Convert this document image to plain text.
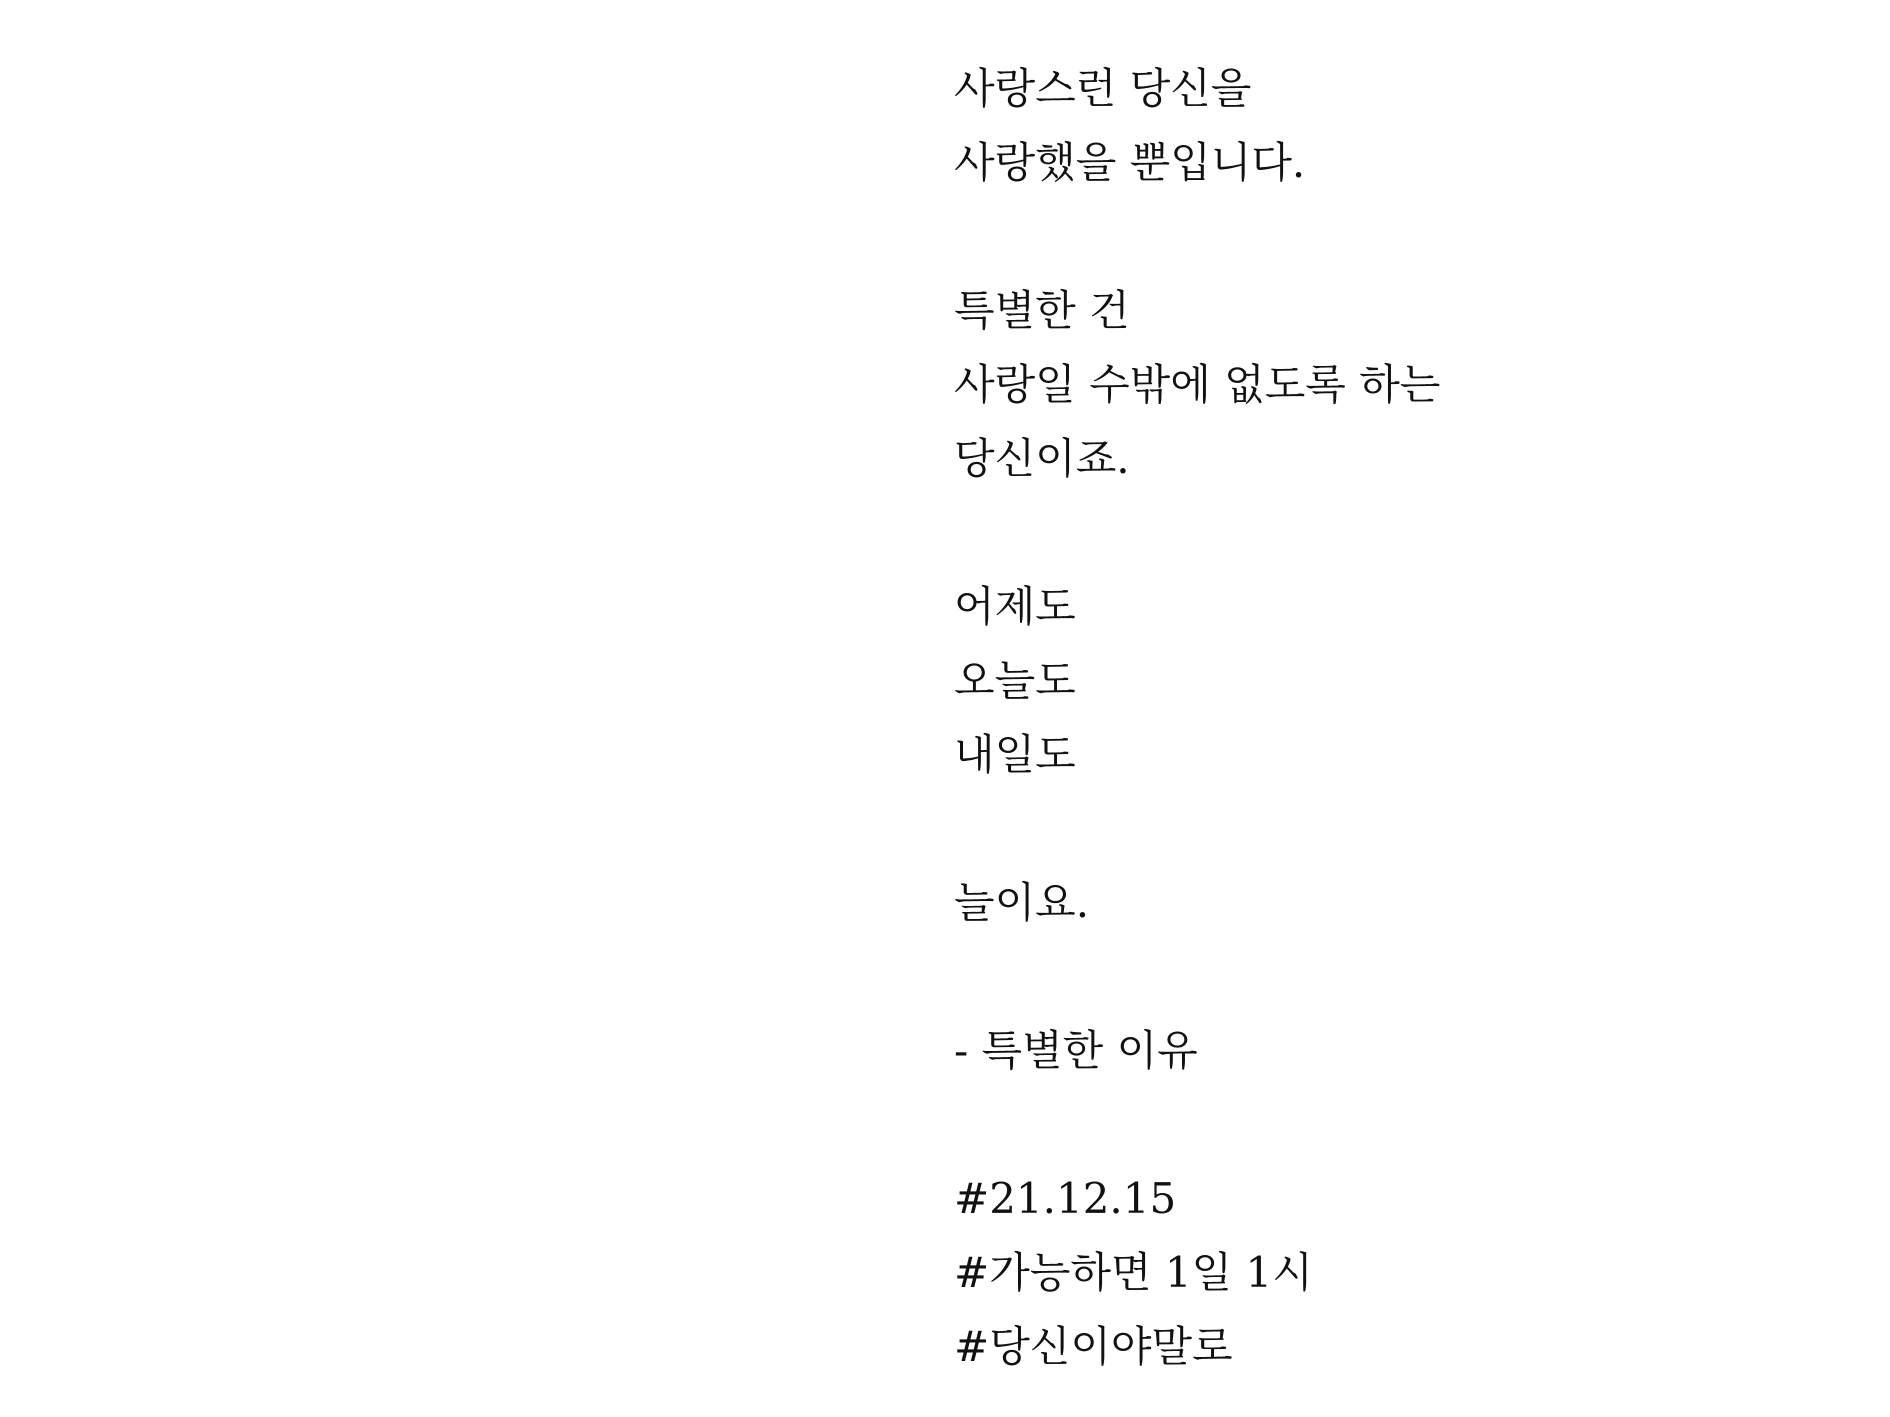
사랑스런 당신을
사랑했을 뿐입니다.
특별한 건
사랑일 수밖에 없도록 하는
당신이죠.
어제도
오늘도
내일도
늘이요.
- 특별한 이유
#21.12.15
#가능하면 1일 1시
#당신이야말로
